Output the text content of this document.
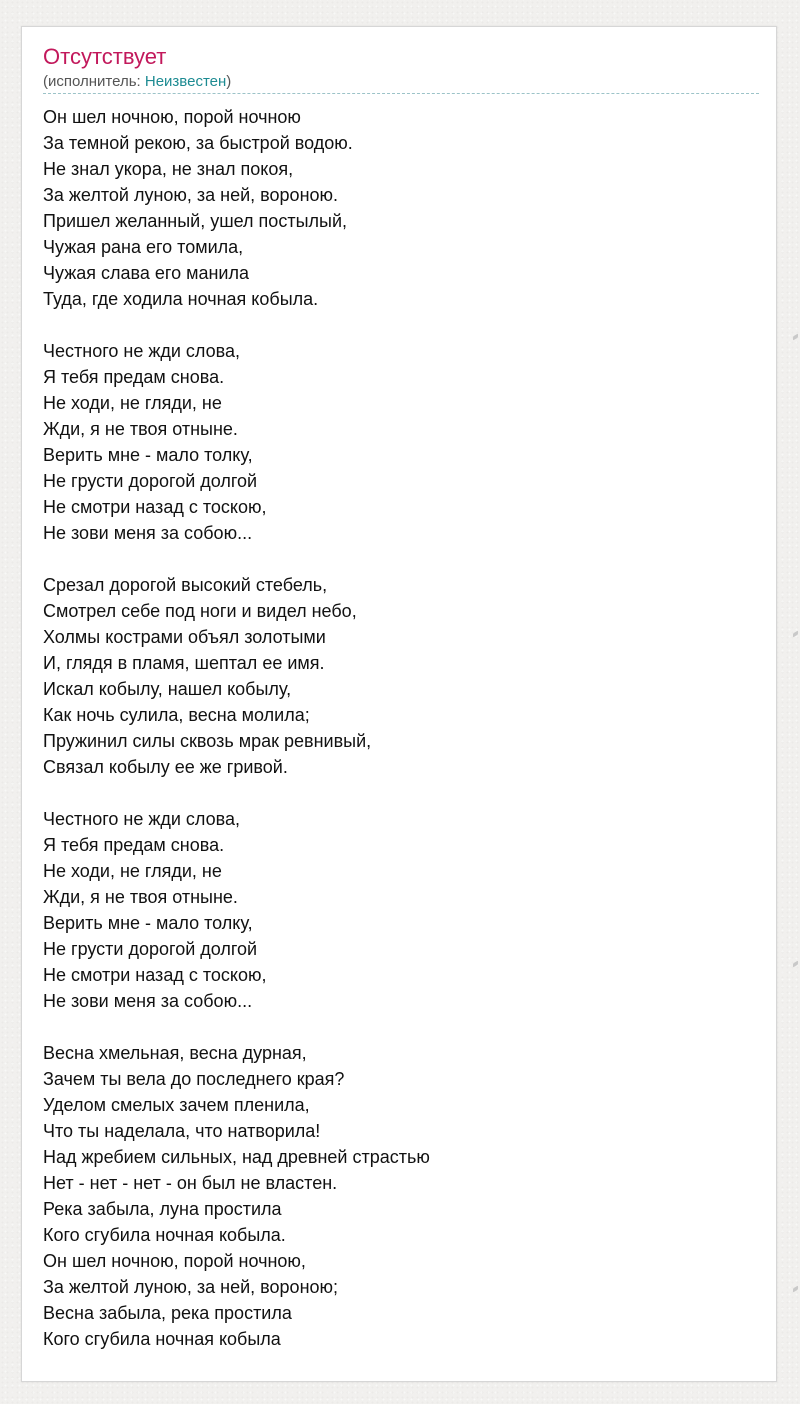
Отсутствует
(исполнитель: Неизвестен)
Он шел ночною, порой ночною
За темной рекою, за быстрой водою.
Не знал укора, не знал покоя,
За желтой луною, за ней, вороною.
Пришел желанный, ушел постылый,
Чужая рана его томила,
Чужая слава его манила
Туда, где ходила ночная кобыла.
Честного не жди слова,
Я тебя предам снова.
Не ходи, не гляди, не
Жди, я не твоя отныне.
Верить мне - мало толку,
Не грусти дорогой долгой
Не смотри назад с тоскою,
Не зови меня за собою...
Срезал дорогой высокий стебель,
Смотрел себе под ноги и видел небо,
Холмы кострами объял золотыми
И, глядя в пламя, шептал ее имя.
Искал кобылу, нашел кобылу,
Как ночь сулила, весна молила;
Пружинил силы сквозь мрак ревнивый,
Связал кобылу ее же гривой.
Честного не жди слова,
Я тебя предам снова.
Не ходи, не гляди, не
Жди, я не твоя отныне.
Верить мне - мало толку,
Не грусти дорогой долгой
Не смотри назад с тоскою,
Не зови меня за собою...
Весна хмельная, весна дурная,
Зачем ты вела до последнего края?
Уделом смелых зачем пленила,
Что ты наделала, что натворила!
Над жребием сильных, над древней страстью
Нет - нет - нет - он был не властен.
Река забыла, луна простила
Кого сгубила ночная кобыла.
Он шел ночною, порой ночною,
За желтой луною, за ней, вороною;
Весна забыла, река простила
Кого сгубила ночная кобыла
